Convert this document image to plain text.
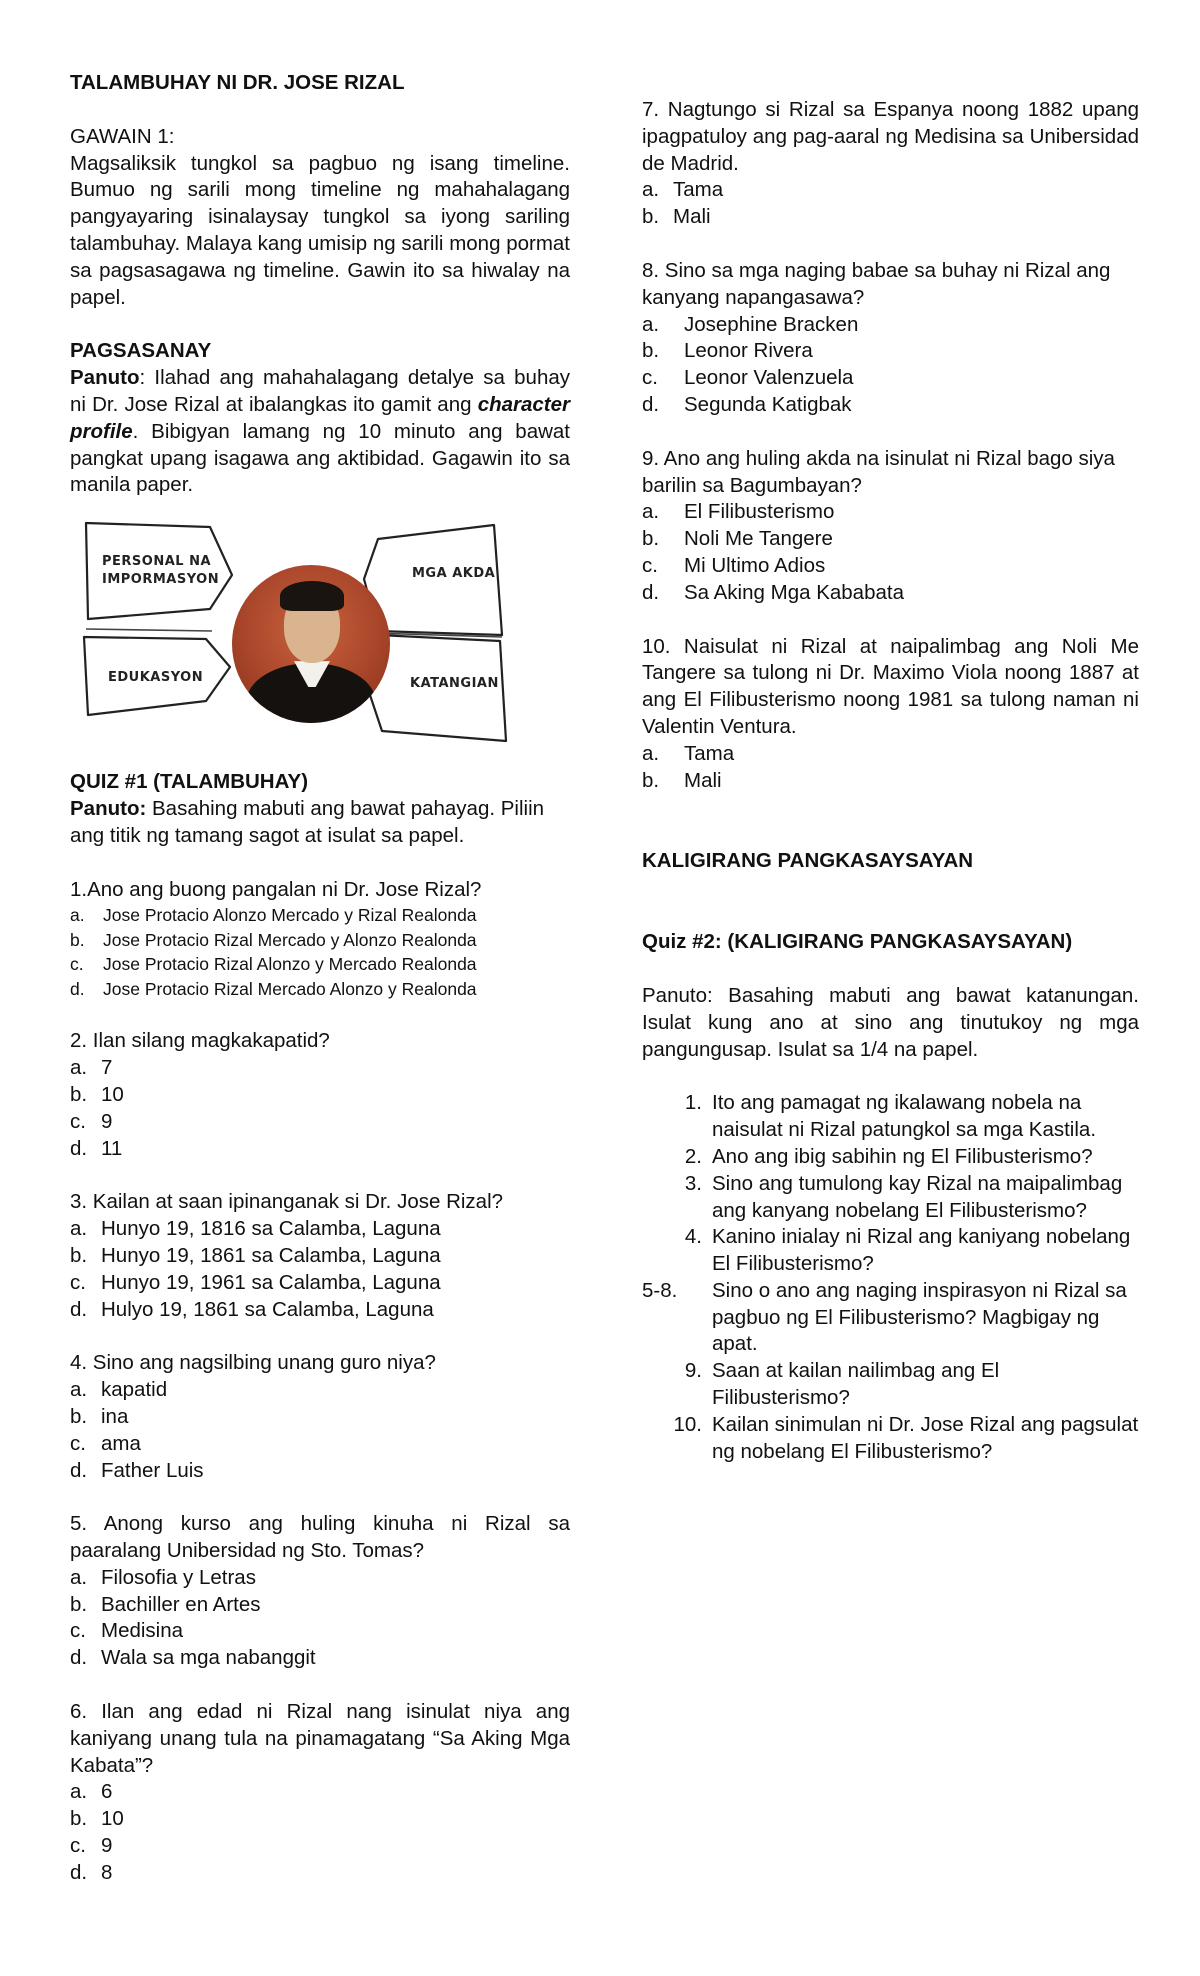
TALAMBUHAY NI DR. JOSE RIZAL

GAWAIN 1:

Magsaliksik tungkol sa pagbuo ng isang timeline. Bumuo ng sarili mong timeline ng mahahalagang pangyayaring isinalaysay tungkol sa iyong sariling talambuhay. Malaya kang umisip ng sarili mong pormat sa pagsasagawa ng timeline. Gawin ito sa hiwalay na papel.

PAGSASANAY

Panuto: Ilahad ang mahahalagang detalye sa buhay ni Dr. Jose Rizal at ibalangkas ito gamit ang character profile. Bibigyan lamang ng 10 minuto ang bawat pangkat upang isagawa ang aktibidad. Gagawin ito sa manila paper.

PERSONAL NA
IMPORMASYON	MGA AKDA
EDUKASYON	KATANGIAN

QUIZ #1 (TALAMBUHAY)

Panuto: Basahing mabuti ang bawat pahayag. Piliin ang titik ng tamang sagot at isulat sa papel.

1.Ano ang buong pangalan ni Dr. Jose Rizal?

a.	Jose Protacio Alonzo Mercado y Rizal Realonda
b.	Jose Protacio Rizal Mercado y Alonzo Realonda
c.	Jose Protacio Rizal Alonzo y Mercado Realonda
d.	Jose Protacio Rizal Mercado Alonzo y Realonda

2. Ilan silang magkakapatid?

a. 7
b. 10
c. 9
d. 11

3. Kailan at saan ipinanganak si Dr. Jose Rizal?

a. Hunyo 19, 1816 sa Calamba, Laguna
b. Hunyo 19, 1861 sa Calamba, Laguna
c. Hunyo 19, 1961 sa Calamba, Laguna
d. Hulyo 19, 1861 sa Calamba, Laguna

4. Sino ang nagsilbing unang guro niya?

a. kapatid
b. ina
c. ama
d. Father Luis

5. Anong kurso ang huling kinuha ni Rizal sa paaralang Unibersidad ng Sto. Tomas?

a. Filosofia y Letras
b. Bachiller en Artes
c. Medisina
d. Wala sa mga nabanggit

6. Ilan ang edad ni Rizal nang isinulat niya ang kaniyang unang tula na pinamagatang “Sa Aking Mga Kabata”?

a. 6
b. 10
c. 9
d. 8

7. Nagtungo si Rizal sa Espanya noong 1882 upang ipagpatuloy ang pag-aaral ng Medisina sa Unibersidad de Madrid.

a. Tama
b. Mali

8. Sino sa mga naging babae sa buhay ni Rizal ang kanyang napangasawa?

a.	Josephine Bracken
b.	Leonor Rivera
c.	Leonor Valenzuela
d.	Segunda Katigbak

9. Ano ang huling akda na isinulat ni Rizal bago siya barilin sa Bagumbayan?

a.	El Filibusterismo
b.	Noli Me Tangere
c.	Mi Ultimo Adios
d.	Sa Aking Mga Kababata

10. Naisulat ni Rizal at naipalimbag ang Noli Me Tangere sa tulong ni Dr. Maximo Viola noong 1887 at ang El Filibusterismo noong 1981 sa tulong naman ni Valentin Ventura.

a.	Tama
b.	Mali

KALIGIRANG PANGKASAYSAYAN

Quiz #2: (KALIGIRANG PANGKASAYSAYAN)

Panuto: Basahing mabuti ang bawat katanungan. Isulat kung ano at sino ang tinutukoy ng mga pangungusap. Isulat sa 1/4 na papel.

1. Ito ang pamagat ng ikalawang nobela na naisulat ni Rizal patungkol sa mga Kastila.
2. Ano ang ibig sabihin ng El Filibusterismo?
3. Sino ang tumulong kay Rizal na maipalimbag ang kanyang nobelang El Filibusterismo?
4. Kanino inialay ni Rizal ang kaniyang nobelang El Filibusterismo?
5-8.	Sino o ano ang naging inspirasyon ni Rizal sa pagbuo ng El Filibusterismo? Magbigay ng apat.
9. Saan at kailan nailimbag ang El Filibusterismo?
10. Kailan sinimulan ni Dr. Jose Rizal ang pagsulat ng nobelang El Filibusterismo?
